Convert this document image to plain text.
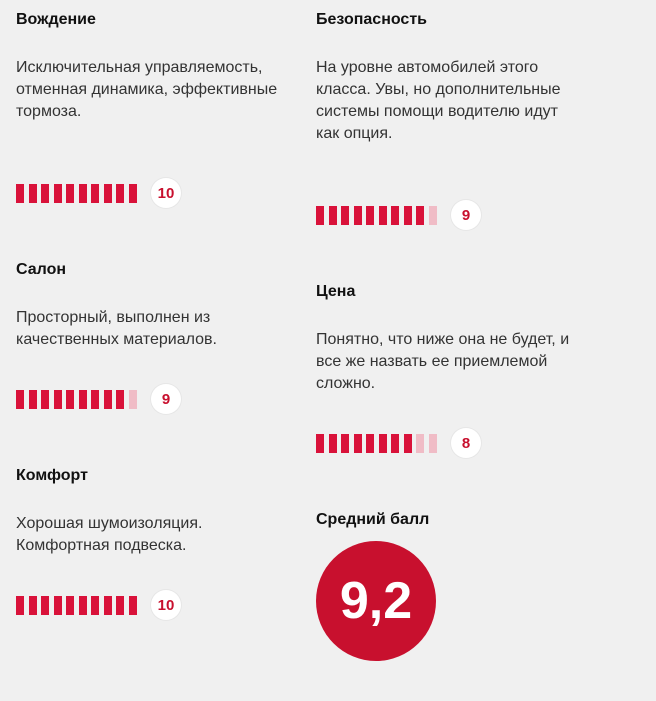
Вождение

Исключительная управляемость, отменная динамика, эффективные тормоза.

10

Салон

Просторный, выполнен из качественных материалов.

9

Комфорт

Хорошая шумоизоляция. Комфортная подвеска.

10

Безопасность

На уровне автомобилей этого класса. Увы, но дополнительные системы помощи водителю идут как опция.

9

Цена

Понятно, что ниже она не будет, и все же назвать ее приемлемой сложно.

8

Средний балл

9,2
